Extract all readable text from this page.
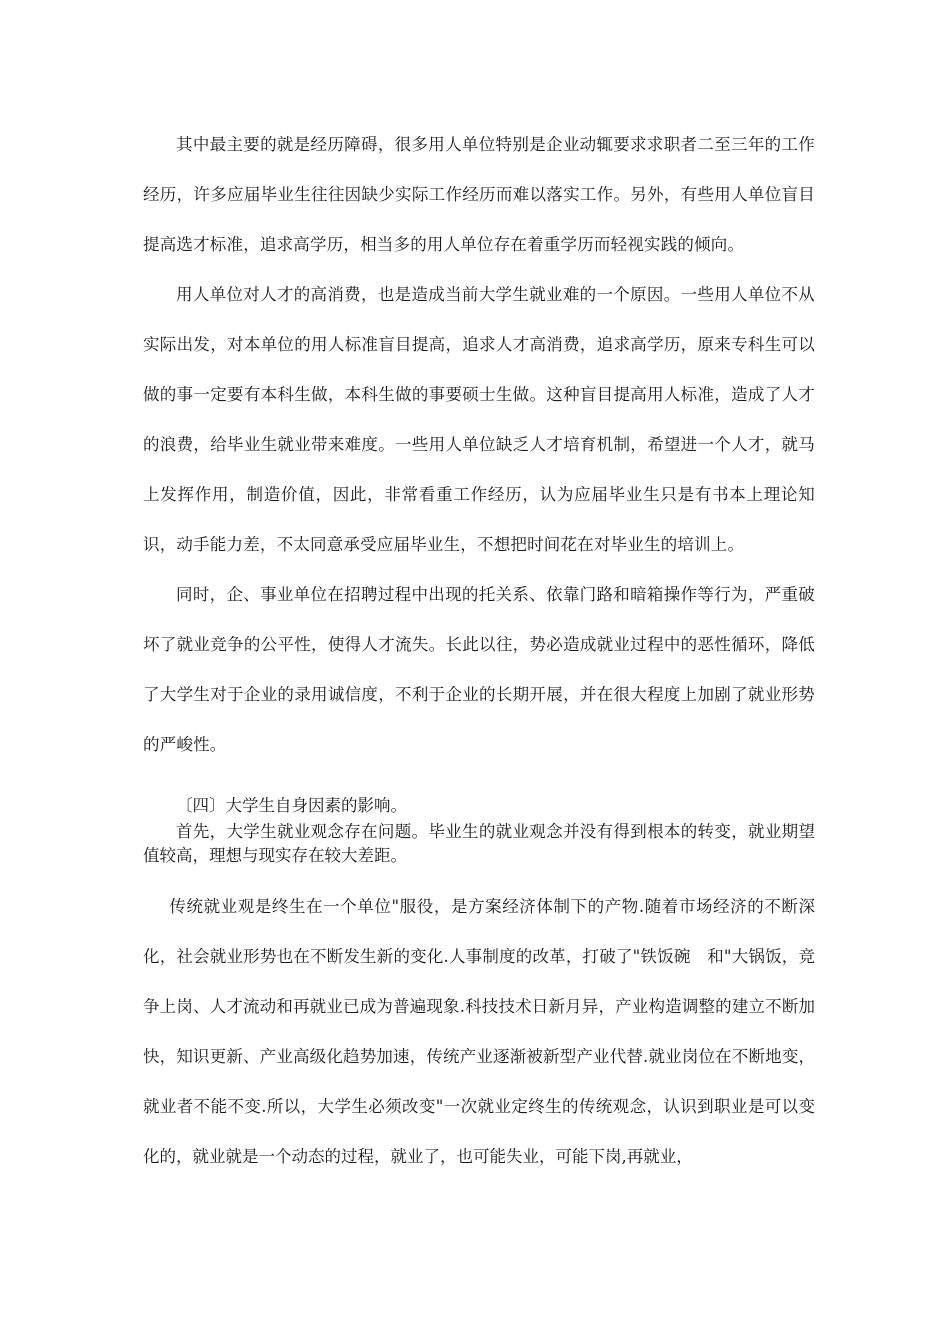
其中最主要的就是经历障碍，很多用人单位特别是企业动辄要求求职者二至三年的工作经历，许多应届毕业生往往因缺少实际工作经历而难以落实工作。另外，有些用人单位盲目提高选才标准，追求高学历，相当多的用人单位存在着重学历而轻视实践的倾向。

用人单位对人才的高消费，也是造成当前大学生就业难的一个原因。一些用人单位不从实际出发，对本单位的用人标准盲目提高，追求人才高消费，追求高学历，原来专科生可以做的事一定要有本科生做，本科生做的事要硕士生做。这种盲目提高用人标准，造成了人才的浪费，给毕业生就业带来难度。一些用人单位缺乏人才培育机制，希望进一个人才，就马上发挥作用，制造价值，因此，非常看重工作经历，认为应届毕业生只是有书本上理论知识，动手能力差，不太同意承受应届毕业生，不想把时间花在对毕业生的培训上。

同时，企、事业单位在招聘过程中出现的托关系、依靠门路和暗箱操作等行为，严重破坏了就业竞争的公平性，使得人才流失。长此以往，势必造成就业过程中的恶性循环，降低了大学生对于企业的录用诚信度，不利于企业的长期开展，并在很大程度上加剧了就业形势的严峻性。

〔四〕大学生自身因素的影响。

首先，大学生就业观念存在问题。毕业生的就业观念并没有得到根本的转变，就业期望值较高，理想与现实存在较大差距。

传统就业观是终生在一个单位"服役，是方案经济体制下的产物.随着市场经济的不断深化，社会就业形势也在不断发生新的变化.人事制度的改革，打破了"铁饭碗　和"大锅饭，竞争上岗、人才流动和再就业已成为普遍现象.科技技术日新月异，产业构造调整的建立不断加快，知识更新、产业高级化趋势加速，传统产业逐渐被新型产业代替.就业岗位在不断地变，就业者不能不变.所以，大学生必须改变"一次就业定终生的传统观念，认识到职业是可以变化的，就业就是一个动态的过程，就业了，也可能失业，可能下岗,再就业，
